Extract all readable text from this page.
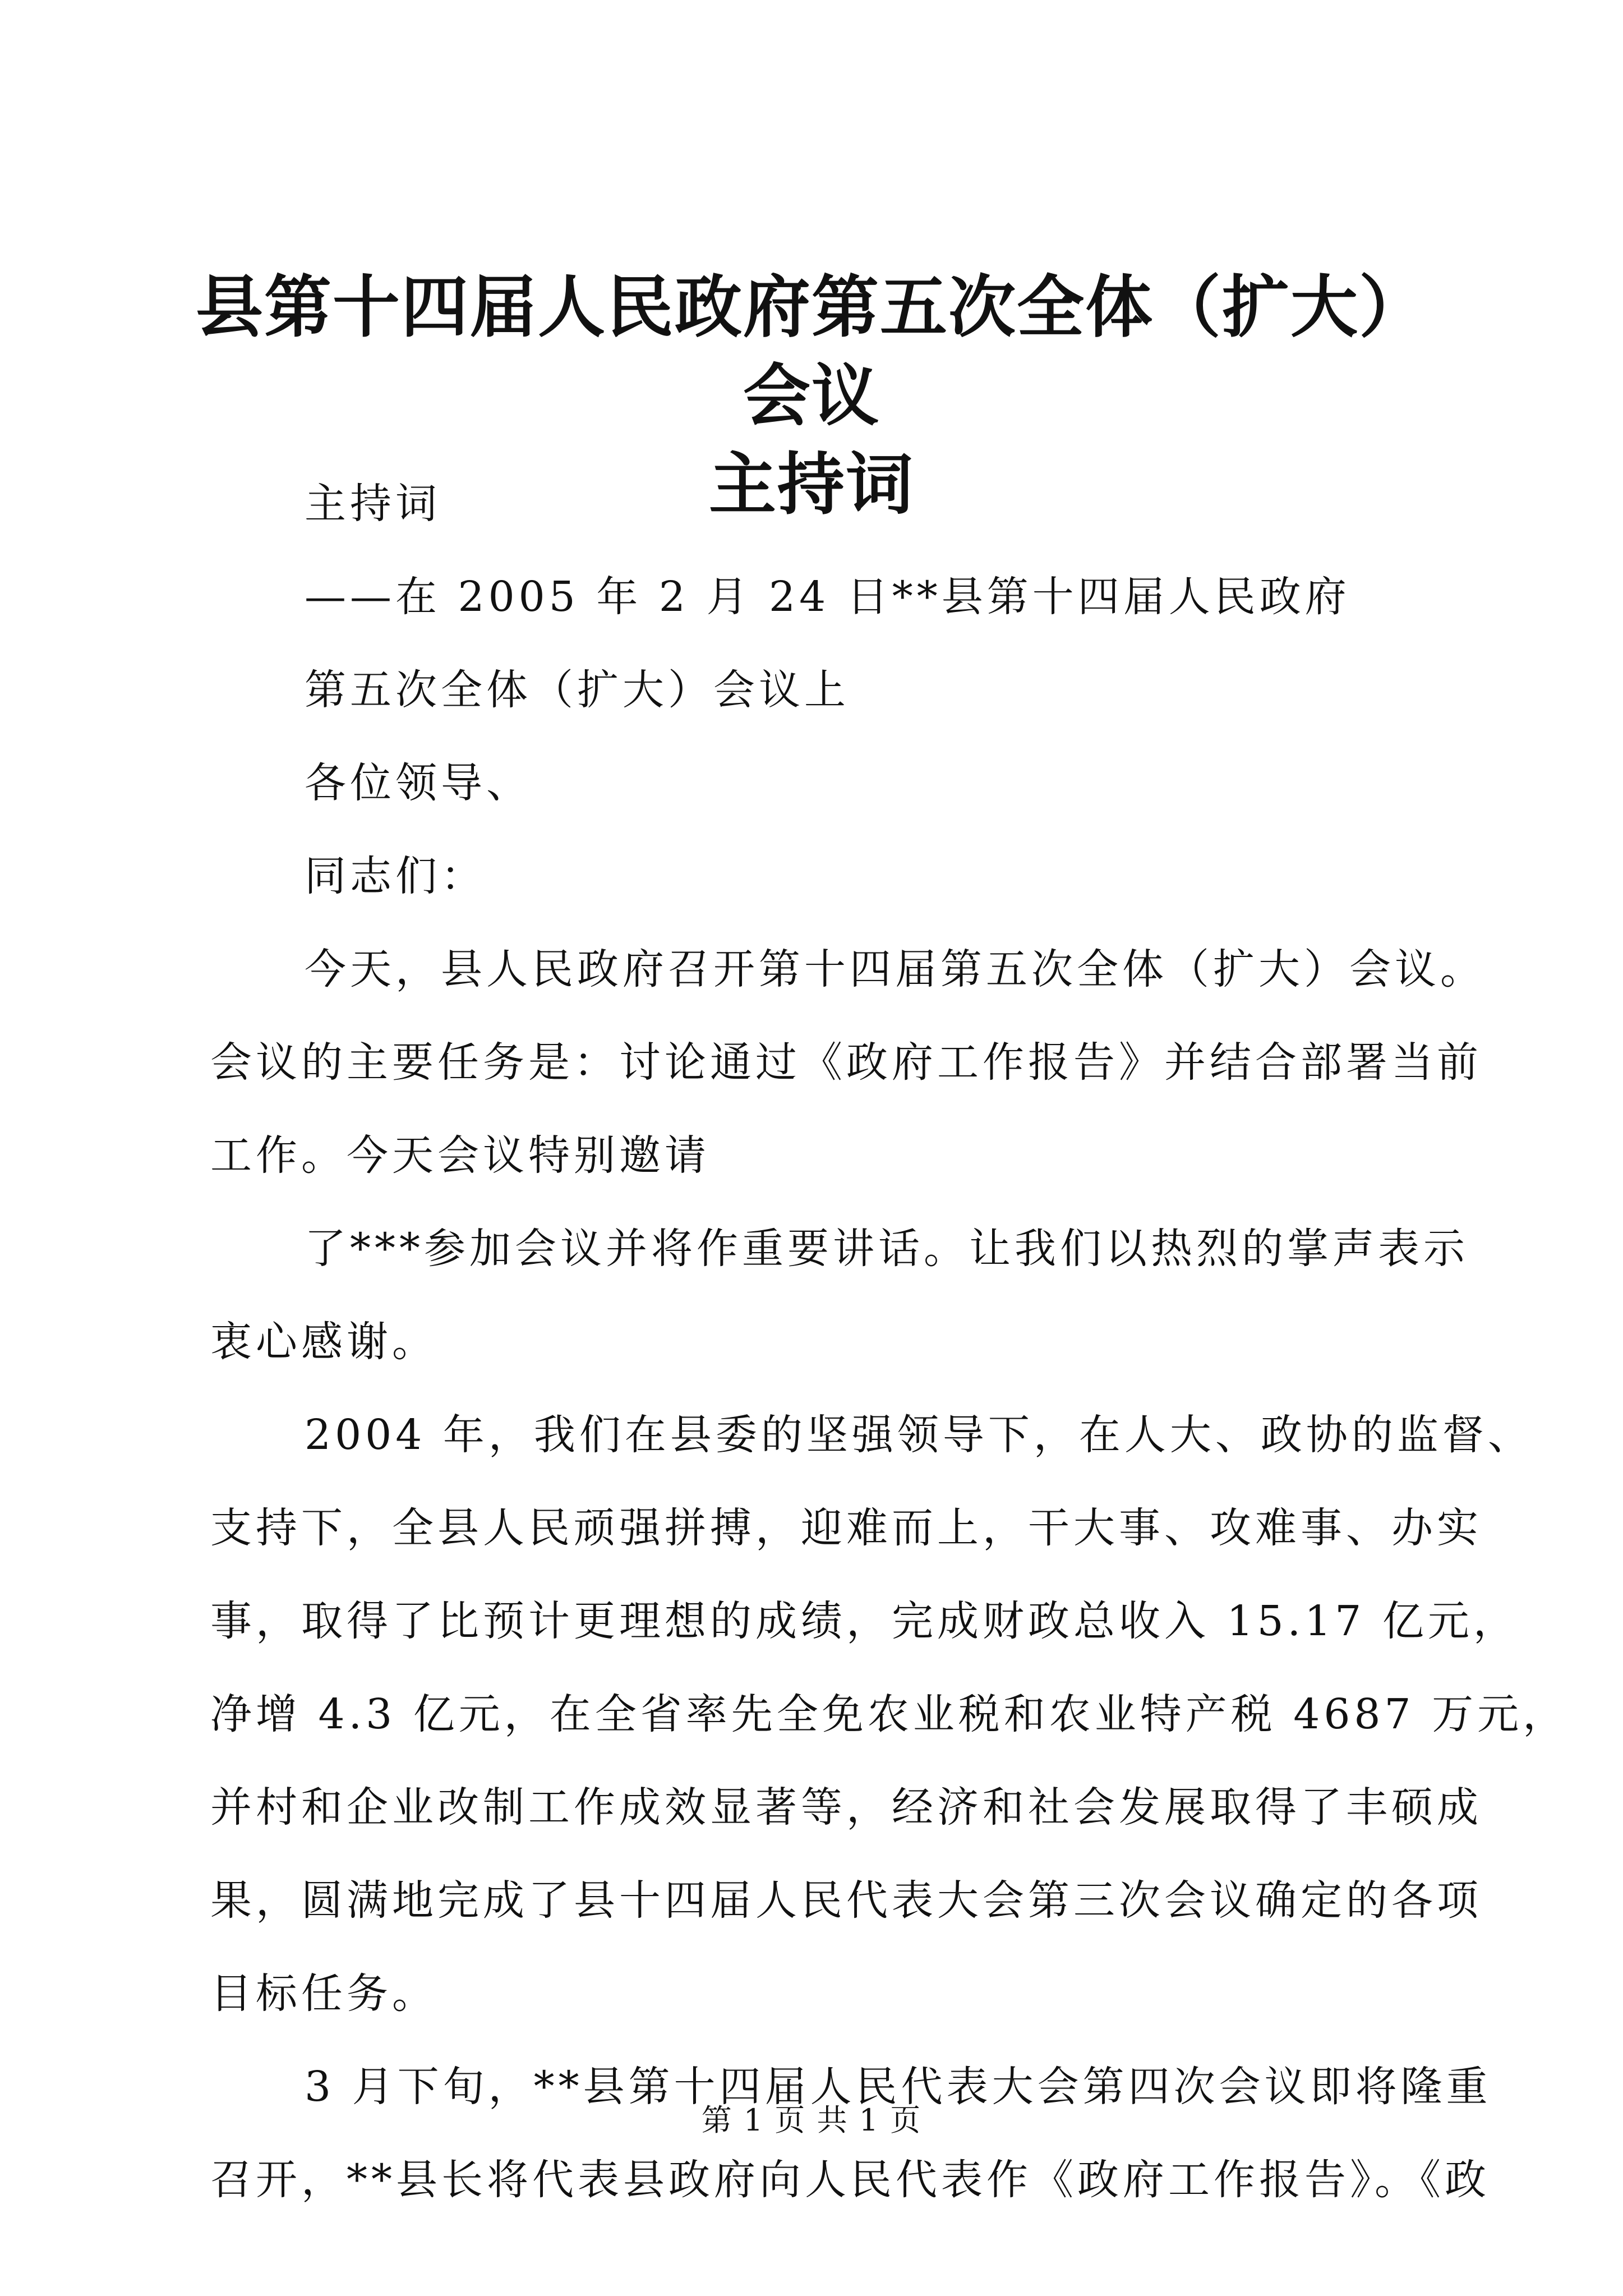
县第十四届人民政府第五次全体（扩大）会议
主持词
主持词
——在 2005 年 2 月 24 日**县第十四届人民政府
第五次全体（扩大）会议上
各位领导、
同志们：
今天，县人民政府召开第十四届第五次全体（扩大）会议。
会议的主要任务是：讨论通过《政府工作报告》并结合部署当前
工作。今天会议特别邀请
了***参加会议并将作重要讲话。让我们以热烈的掌声表示
衷心感谢。
2004 年，我们在县委的坚强领导下，在人大、政协的监督、
支持下，全县人民顽强拼搏，迎难而上，干大事、攻难事、办实
事，取得了比预计更理想的成绩，完成财政总收入 15.17 亿元，
净增 4.3 亿元，在全省率先全免农业税和农业特产税 4687 万元，
并村和企业改制工作成效显著等，经济和社会发展取得了丰硕成
果，圆满地完成了县十四届人民代表大会第三次会议确定的各项
目标任务。
3 月下旬，**县第十四届人民代表大会第四次会议即将隆重
召开，**县长将代表县政府向人民代表作《政府工作报告》。《政
第 1 页 共 1 页
